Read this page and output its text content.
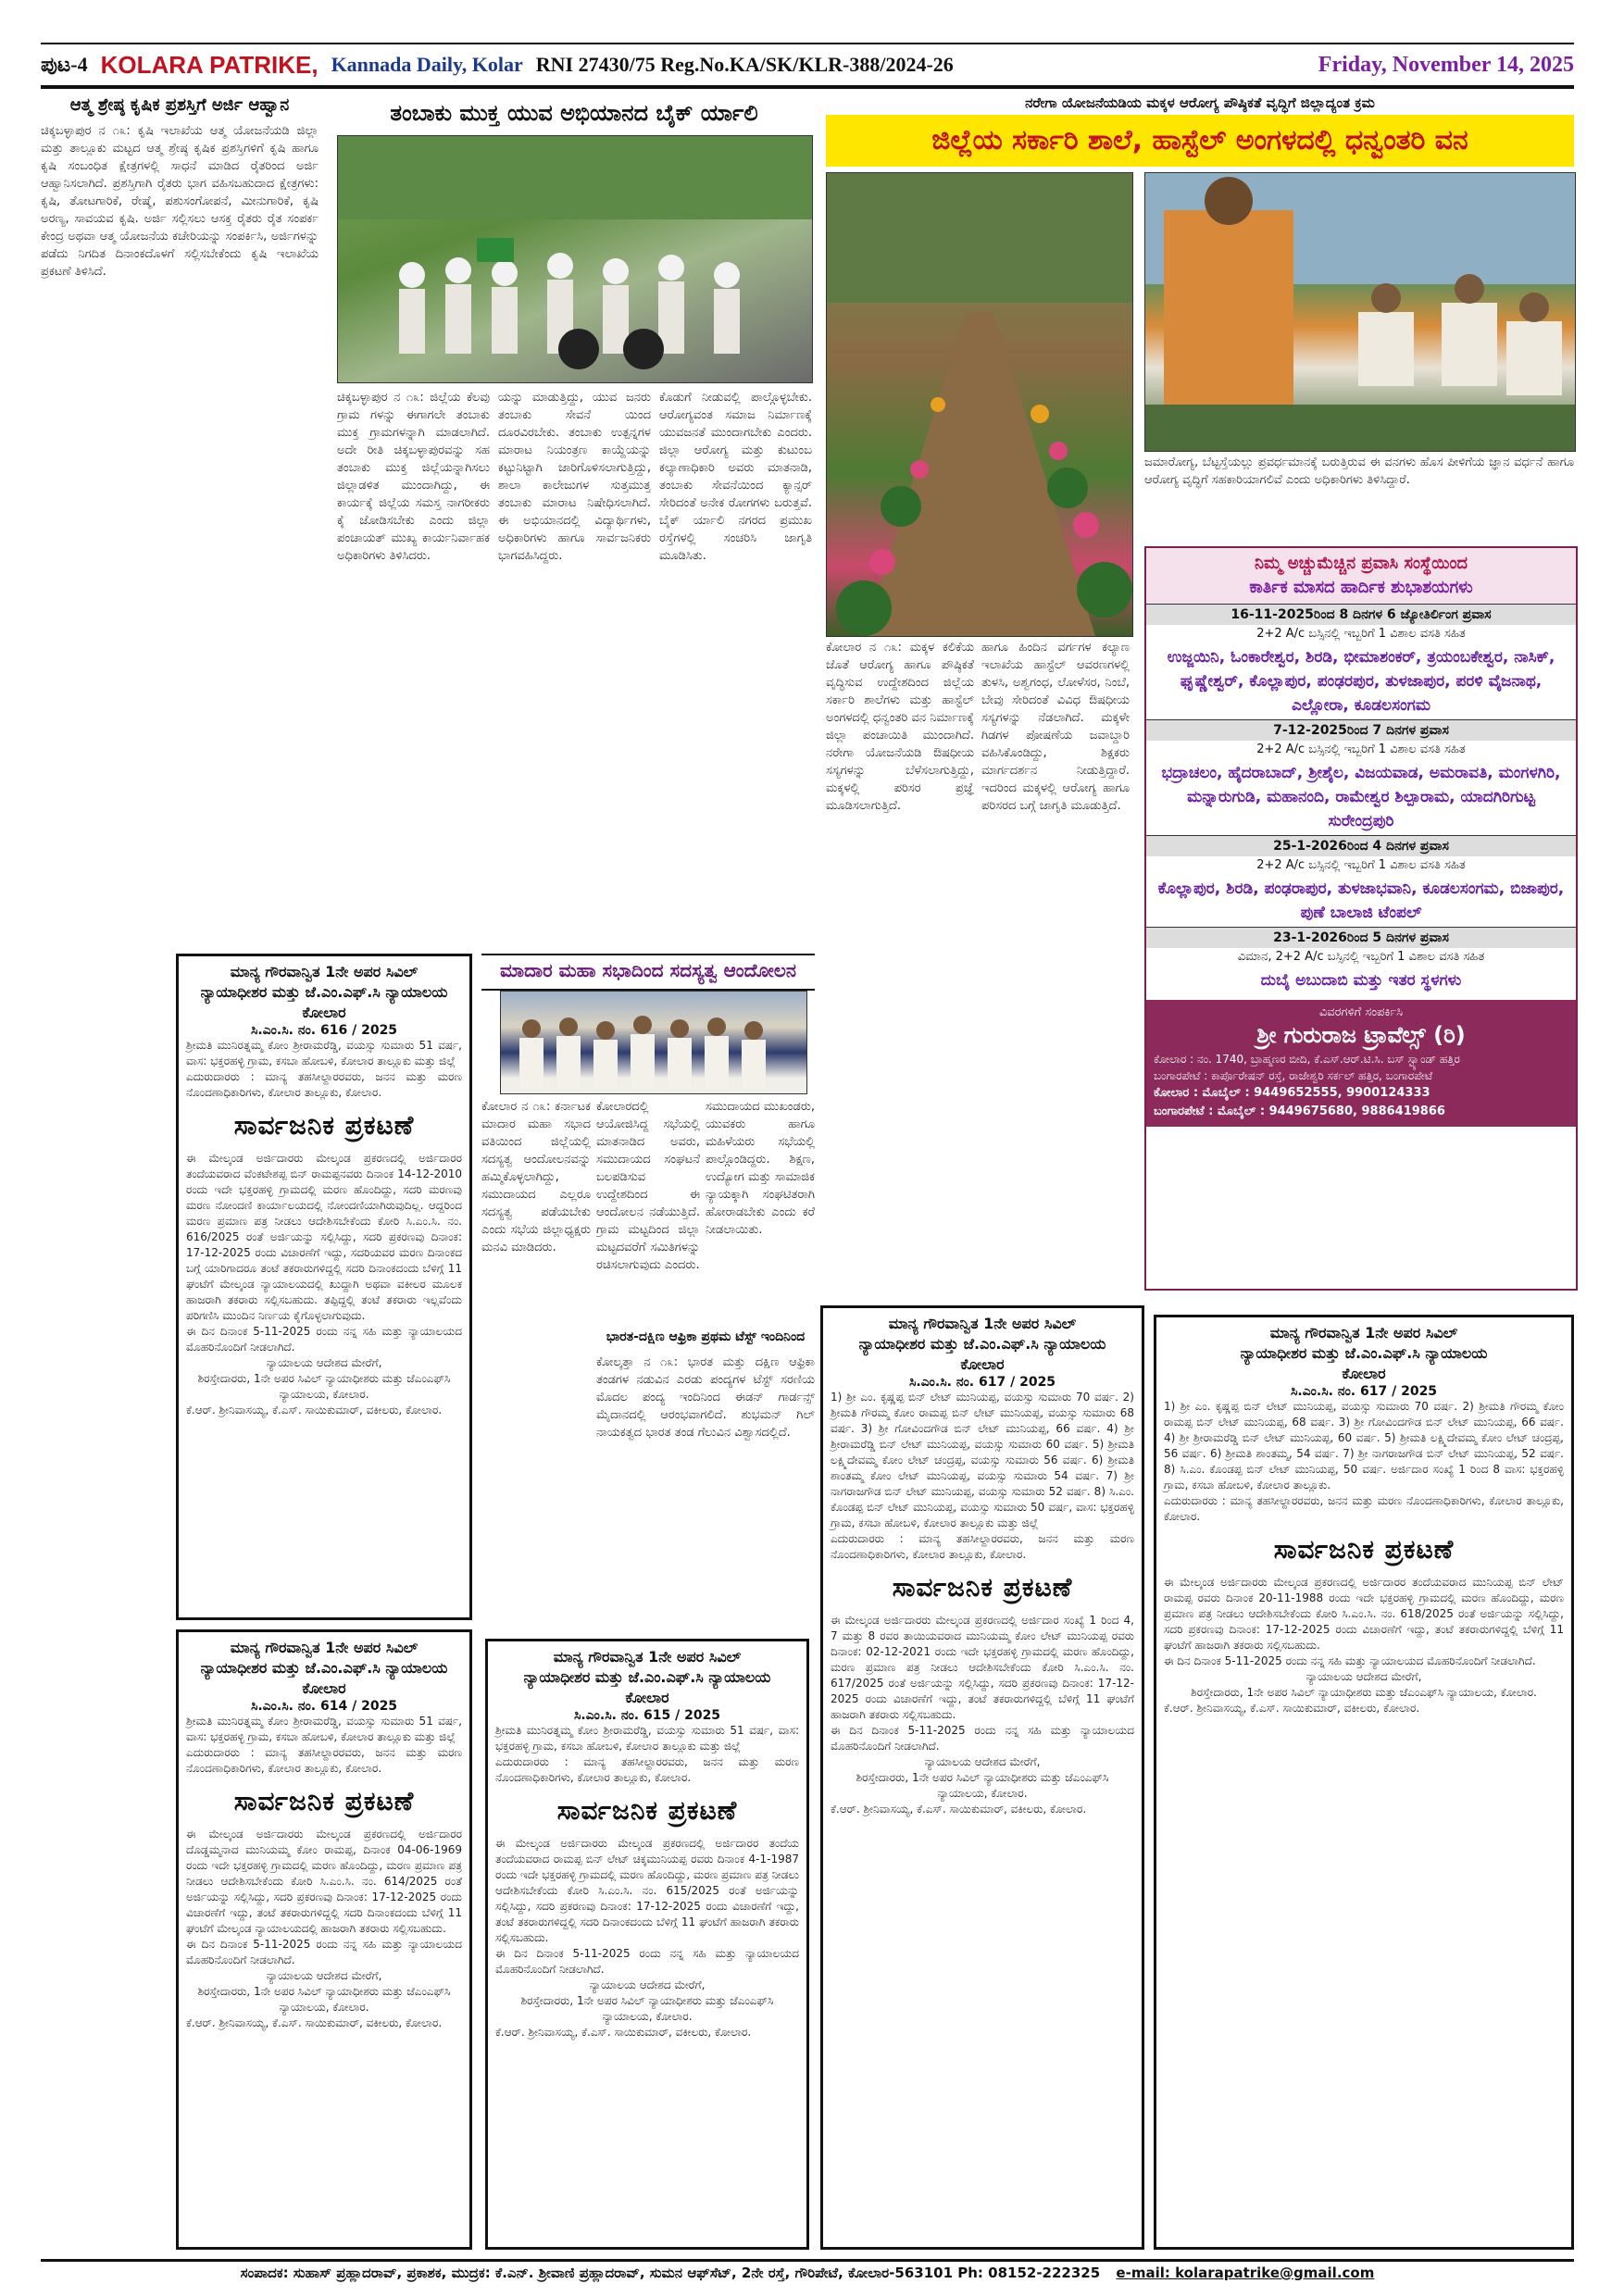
ಪುಟ-4 KOLARA PATRIKE, Kannada Daily, Kolar RNI 27430/75 Reg.No.KA/SK/KLR-388/2024-26	Friday, November 14, 2025
ಆತ್ಮ ಶ್ರೇಷ್ಠ ಕೃಷಿಕ ಪ್ರಶಸ್ತಿಗೆ ಅರ್ಜಿ ಆಹ್ವಾನ
ಚಿಕ್ಕಬಳ್ಳಾಪುರ ನ ೧೩: ಕೃಷಿ ಇಲಾಖೆಯ ಆತ್ಮ ಯೋಜನೆಯಡಿ ಜಿಲ್ಲಾ ಮತ್ತು ತಾಲ್ಲೂಕು ಮಟ್ಟದ ಆತ್ಮ ಶ್ರೇಷ್ಠ ಕೃಷಿಕ ಪ್ರಶಸ್ತಿಗಳಿಗೆ ಕೃಷಿ ಹಾಗೂ ಕೃಷಿ ಸಂಬಂಧಿತ ಕ್ಷೇತ್ರಗಳಲ್ಲಿ ಸಾಧನೆ ಮಾಡಿದ ರೈತರಿಂದ ಅರ್ಜಿ ಆಹ್ವಾನಿಸಲಾಗಿದೆ. ಪ್ರಶಸ್ತಿಗಾಗಿ ರೈತರು ಭಾಗ ವಹಿಸಬಹುದಾದ ಕ್ಷೇತ್ರಗಳು: ಕೃಷಿ, ತೋಟಗಾರಿಕೆ, ರೇಷ್ಮೆ, ಪಶುಸಂಗೋಪನೆ, ಮೀನುಗಾರಿಕೆ, ಕೃಷಿ ಅರಣ್ಯ, ಸಾವಯವ ಕೃಷಿ. ಅರ್ಜಿ ಸಲ್ಲಿಸಲು ಆಸಕ್ತ ರೈತರು ರೈತ ಸಂಪರ್ಕ ಕೇಂದ್ರ ಅಥವಾ ಆತ್ಮ ಯೋಜನೆಯ ಕಚೇರಿಯನ್ನು ಸಂಪರ್ಕಿಸಿ, ಅರ್ಜಿಗಳನ್ನು ಪಡೆದು ನಿಗದಿತ ದಿನಾಂಕದೊಳಗೆ ಸಲ್ಲಿಸಬೇಕೆಂದು ಕೃಷಿ ಇಲಾಖೆಯ ಪ್ರಕಟಣೆ ತಿಳಿಸಿದೆ.
ತಂಬಾಕು ಮುಕ್ತ ಯುವ ಅಭಿಯಾನದ ಬೈಕ್ ರ್ಯಾಲಿ
ಚಿಕ್ಕಬಳ್ಳಾಪುರ ನ ೧೩: ಜಿಲ್ಲೆಯ ಕೆಲವು ಗ್ರಾಮ ಗಳನ್ನು ಈಗಾಗಲೇ ತಂಬಾಕು ಮುಕ್ತ ಗ್ರಾಮಗಳನ್ನಾಗಿ ಮಾಡಲಾಗಿದೆ. ಅದೇ ರೀತಿ ಚಿಕ್ಕಬಳ್ಳಾಪುರವನ್ನು ಸಹ ತಂಬಾಕು ಮುಕ್ತ ಜಿಲ್ಲೆಯನ್ನಾಗಿಸಲು ಜಿಲ್ಲಾಡಳಿತ ಮುಂದಾಗಿದ್ದು, ಈ ಕಾರ್ಯಕ್ಕೆ ಜಿಲ್ಲೆಯ ಸಮಸ್ತ ನಾಗರೀಕರು ಕೈ ಜೋಡಿಸಬೇಕು ಎಂದು ಜಿಲ್ಲಾ ಪಂಚಾಯತ್ ಮುಖ್ಯ ಕಾರ್ಯನಿರ್ವಾಹಕ ಅಧಿಕಾರಿಗಳು ತಿಳಿಸಿದರು.
ಯನ್ನು ಮಾಡುತ್ತಿದ್ದು, ಯುವ ಜನರು ತಂಬಾಕು ಸೇವನೆ ಯಿಂದ ದೂರವಿರಬೇಕು. ತಂಬಾಕು ಉತ್ಪನ್ನಗಳ ಮಾರಾಟ ನಿಯಂತ್ರಣ ಕಾಯ್ದೆಯನ್ನು ಕಟ್ಟುನಿಟ್ಟಾಗಿ ಜಾರಿಗೊಳಿಸಲಾಗುತ್ತಿದ್ದು, ಶಾಲಾ ಕಾಲೇಜುಗಳ ಸುತ್ತಮುತ್ತ ತಂಬಾಕು ಮಾರಾಟ ನಿಷೇಧಿಸಲಾಗಿದೆ. ಈ ಅಭಿಯಾನದಲ್ಲಿ ವಿದ್ಯಾರ್ಥಿಗಳು, ಅಧಿಕಾರಿಗಳು ಹಾಗೂ ಸಾರ್ವಜನಿಕರು ಭಾಗವಹಿಸಿದ್ದರು.
ಕೊಡುಗೆ ನೀಡುವಲ್ಲಿ ಪಾಲ್ಗೊಳ್ಳಬೇಕು. ಆರೋಗ್ಯವಂತ ಸಮಾಜ ನಿರ್ಮಾಣಕ್ಕೆ ಯುವಜನತೆ ಮುಂದಾಗಬೇಕು ಎಂದರು. ಜಿಲ್ಲಾ ಆರೋಗ್ಯ ಮತ್ತು ಕುಟುಂಬ ಕಲ್ಯಾಣಾಧಿಕಾರಿ ಅವರು ಮಾತನಾಡಿ, ತಂಬಾಕು ಸೇವನೆಯಿಂದ ಕ್ಯಾನ್ಸರ್ ಸೇರಿದಂತೆ ಅನೇಕ ರೋಗಗಳು ಬರುತ್ತವೆ. ಬೈಕ್ ರ್ಯಾಲಿ ನಗರದ ಪ್ರಮುಖ ರಸ್ತೆಗಳಲ್ಲಿ ಸಂಚರಿಸಿ ಜಾಗೃತಿ ಮೂಡಿಸಿತು.
ಮಾದಾರ ಮಹಾ ಸಭಾದಿಂದ ಸದಸ್ಯತ್ವ ಆಂದೋಲನ
ಕೋಲಾರ ನ ೧೩: ಕರ್ನಾಟಕ ಮಾದಾರ ಮಹಾ ಸಭಾದ ವತಿಯಿಂದ ಜಿಲ್ಲೆಯಲ್ಲಿ ಸದಸ್ಯತ್ವ ಆಂದೋಲನವನ್ನು ಹಮ್ಮಿಕೊಳ್ಳಲಾಗಿದ್ದು, ಸಮುದಾಯದ ಎಲ್ಲರೂ ಸದಸ್ಯತ್ವ ಪಡೆಯಬೇಕು ಎಂದು ಸಭೆಯ ಜಿಲ್ಲಾಧ್ಯಕ್ಷರು ಮನವಿ ಮಾಡಿದರು.
ಕೋಲಾರದಲ್ಲಿ ಆಯೋಜಿಸಿದ್ದ ಸಭೆಯಲ್ಲಿ ಮಾತನಾಡಿದ ಅವರು, ಸಮುದಾಯದ ಸಂಘಟನೆ ಬಲಪಡಿಸುವ ಉದ್ದೇಶದಿಂದ ಈ ಆಂದೋಲನ ನಡೆಯುತ್ತಿದೆ. ಗ್ರಾಮ ಮಟ್ಟದಿಂದ ಜಿಲ್ಲಾ ಮಟ್ಟದವರೆಗೆ ಸಮಿತಿಗಳನ್ನು ರಚಿಸಲಾಗುವುದು ಎಂದರು.
ಸಮುದಾಯದ ಮುಖಂಡರು, ಯುವಕರು ಹಾಗೂ ಮಹಿಳೆಯರು ಸಭೆಯಲ್ಲಿ ಪಾಲ್ಗೊಂಡಿದ್ದರು. ಶಿಕ್ಷಣ, ಉದ್ಯೋಗ ಮತ್ತು ಸಾಮಾಜಿಕ ನ್ಯಾಯಕ್ಕಾಗಿ ಸಂಘಟಿತರಾಗಿ ಹೋರಾಡಬೇಕು ಎಂದು ಕರೆ ನೀಡಲಾಯಿತು.
ಭಾರತ-ದಕ್ಷಿಣ ಆಫ್ರಿಕಾ ಪ್ರಥಮ ಟೆಸ್ಟ್ ಇಂದಿನಿಂದ
ಕೋಲ್ಕತ್ತಾ ನ ೧೩: ಭಾರತ ಮತ್ತು ದಕ್ಷಿಣ ಆಫ್ರಿಕಾ ತಂಡಗಳ ನಡುವಿನ ಎರಡು ಪಂದ್ಯಗಳ ಟೆಸ್ಟ್ ಸರಣಿಯ ಮೊದಲ ಪಂದ್ಯ ಇಂದಿನಿಂದ ಈಡನ್ ಗಾರ್ಡನ್ಸ್ ಮೈದಾನದಲ್ಲಿ ಆರಂಭವಾಗಲಿದೆ. ಶುಭಮನ್ ಗಿಲ್ ನಾಯಕತ್ವದ ಭಾರತ ತಂಡ ಗೆಲುವಿನ ವಿಶ್ವಾಸದಲ್ಲಿದೆ.
ನರೇಗಾ ಯೋಜನೆಯಡಿಯ ಮಕ್ಕಳ ಆರೋಗ್ಯ ಪೌಷ್ಠಿಕತೆ ವೃದ್ಧಿಗೆ ಜಿಲ್ಲಾದ್ಯಂತ ಕ್ರಮ
ಜಿಲ್ಲೆಯ ಸರ್ಕಾರಿ ಶಾಲೆ, ಹಾಸ್ಟೆಲ್ ಅಂಗಳದಲ್ಲಿ ಧನ್ವಂತರಿ ವನ
ಕೋಲಾರ ನ ೧೩: ಮಕ್ಕಳ ಕಲಿಕೆಯ ಜೊತೆ ಆರೋಗ್ಯ ಹಾಗೂ ಪೌಷ್ಠಿಕತೆ ವೃದ್ಧಿಸುವ ಉದ್ದೇಶದಿಂದ ಜಿಲ್ಲೆಯ ಸರ್ಕಾರಿ ಶಾಲೆಗಳು ಮತ್ತು ಹಾಸ್ಟೆಲ್ ಅಂಗಳದಲ್ಲಿ ಧನ್ವಂತರಿ ವನ ನಿರ್ಮಾಣಕ್ಕೆ ಜಿಲ್ಲಾ ಪಂಚಾಯಿತಿ ಮುಂದಾಗಿದೆ. ನರೇಗಾ ಯೋಜನೆಯಡಿ ಔಷಧೀಯ ಸಸ್ಯಗಳನ್ನು ಬೆಳೆಸಲಾಗುತ್ತಿದ್ದು, ಮಕ್ಕಳಲ್ಲಿ ಪರಿಸರ ಪ್ರಜ್ಞೆ ಮೂಡಿಸಲಾಗುತ್ತಿದೆ.
ಹಾಗೂ ಹಿಂದಿನ ವರ್ಗಗಳ ಕಲ್ಯಾಣ ಇಲಾಖೆಯ ಹಾಸ್ಟೆಲ್ ಆವರಣಗಳಲ್ಲಿ ತುಳಸಿ, ಅಶ್ವಗಂಧ, ಲೋಳೆಸರ, ನಿಂಬೆ, ಬೇವು ಸೇರಿದಂತೆ ವಿವಿಧ ಔಷಧೀಯ ಸಸ್ಯಗಳನ್ನು ನೆಡಲಾಗಿದೆ. ಮಕ್ಕಳೇ ಗಿಡಗಳ ಪೋಷಣೆಯ ಜವಾಬ್ದಾರಿ ವಹಿಸಿಕೊಂಡಿದ್ದು, ಶಿಕ್ಷಕರು ಮಾರ್ಗದರ್ಶನ ನೀಡುತ್ತಿದ್ದಾರೆ. ಇದರಿಂದ ಮಕ್ಕಳಲ್ಲಿ ಆರೋಗ್ಯ ಹಾಗೂ ಪರಿಸರದ ಬಗ್ಗೆ ಜಾಗೃತಿ ಮೂಡುತ್ತಿದೆ.
ಜಮಾರೋಗ್ಯ, ಬೆಟ್ಟಸ್ತೆಯಲ್ಲು ಪ್ರವರ್ಧಮಾನಕ್ಕೆ ಬರುತ್ತಿರುವ ಈ ವನಗಳು ಹೊಸ ಪೀಳಿಗೆಯ ಜ್ಞಾನ ವರ್ಧನೆ ಹಾಗೂ ಆರೋಗ್ಯ ವೃದ್ಧಿಗೆ ಸಹಕಾರಿಯಾಗಲಿವೆ ಎಂದು ಅಧಿಕಾರಿಗಳು ತಿಳಿಸಿದ್ದಾರೆ.
ನಿಮ್ಮ ಅಚ್ಚುಮೆಚ್ಚಿನ ಪ್ರವಾಸಿ ಸಂಸ್ಥೆಯಿಂದ
ಕಾರ್ತಿಕ ಮಾಸದ ಹಾರ್ದಿಕ ಶುಭಾಶಯಗಳು
16-11-2025ರಿಂದ 8 ದಿನಗಳ 6 ಜ್ಯೋತಿರ್ಲಿಂಗ ಪ್ರವಾಸ
2+2 A/c ಬಸ್ಸಿನಲ್ಲಿ ಇಬ್ಬರಿಗೆ 1 ವಿಶಾಲ ವಸತಿ ಸಹಿತ
ಉಜ್ಜಯಿನಿ, ಓಂಕಾರೇಶ್ವರ, ಶಿರಡಿ, ಭೀಮಾಶಂಕರ್, ತ್ರಯಂಬಕೇಶ್ವರ, ನಾಸಿಕ್, ಘೃಷ್ಣೇಶ್ವರ್, ಕೊಲ್ಲಾಪುರ, ಪಂಢರಪುರ, ತುಳಜಾಪುರ, ಪರಳಿ ವೈಜನಾಥ, ಎಲ್ಲೋರಾ, ಕೂಡಲಸಂಗಮ
7-12-2025ರಿಂದ 7 ದಿನಗಳ ಪ್ರವಾಸ
2+2 A/c ಬಸ್ಸಿನಲ್ಲಿ ಇಬ್ಬರಿಗೆ 1 ವಿಶಾಲ ವಸತಿ ಸಹಿತ
ಭದ್ರಾಚಲಂ, ಹೈದರಾಬಾದ್, ಶ್ರೀಶೈಲ, ವಿಜಯವಾಡ, ಅಮರಾವತಿ, ಮಂಗಳಗಿರಿ, ಮನ್ನಾರುಗುಡಿ, ಮಹಾನಂದಿ, ರಾಮೇಶ್ವರ ಶಿಲ್ಪಾರಾಮ, ಯಾದಗಿರಿಗುಟ್ಟ ಸುರೇಂದ್ರಪುರಿ
25-1-2026ರಿಂದ 4 ದಿನಗಳ ಪ್ರವಾಸ
2+2 A/c ಬಸ್ಸಿನಲ್ಲಿ ಇಬ್ಬರಿಗೆ 1 ವಿಶಾಲ ವಸತಿ ಸಹಿತ
ಕೊಲ್ಲಾಪುರ, ಶಿರಡಿ, ಪಂಢರಾಪುರ, ತುಳಜಾಭವಾನಿ, ಕೂಡಲಸಂಗಮ, ಬಿಜಾಪುರ, ಪುಣೆ ಬಾಲಾಜಿ ಟೆಂಪಲ್
23-1-2026ರಿಂದ 5 ದಿನಗಳ ಪ್ರವಾಸ
ವಿಮಾನ, 2+2 A/c ಬಸ್ಸಿನಲ್ಲಿ ಇಬ್ಬರಿಗೆ 1 ವಿಶಾಲ ವಸತಿ ಸಹಿತ
ದುಬೈ ಅಬುದಾಬಿ ಮತ್ತು ಇತರ ಸ್ಥಳಗಳು
ವಿವರಗಳಿಗೆ ಸಂಪರ್ಕಿಸಿ
ಶ್ರೀ ಗುರುರಾಜ ಟ್ರಾವೆಲ್ಸ್ (ರಿ)
ಕೋಲಾರ : ನಂ. 1740, ಬ್ರಾಹ್ಮಣರ ಬೀದಿ, ಕೆ.ಎಸ್.ಆರ್.ಟಿ.ಸಿ. ಬಸ್ ಸ್ಟ್ಯಾಂಡ್ ಹತ್ತಿರ
ಬಂಗಾರಪೇಟೆ : ಕಾರ್ಪೊರೇಷನ್ ರಸ್ತೆ, ರಾಜೇಶ್ವರಿ ಸರ್ಕಲ್ ಹತ್ತಿರ, ಬಂಗಾರಪೇಟೆ
ಕೋಲಾರ : ಮೊಬೈಲ್ : 9449652555, 9900124333
ಬಂಗಾರಪೇಟೆ : ಮೊಬೈಲ್ : 9449675680, 9886419866
ಮಾನ್ಯ ಗೌರವಾನ್ವಿತ 1ನೇ ಅಪರ ಸಿವಿಲ್
ನ್ಯಾಯಾಧೀಶರ ಮತ್ತು ಜೆ.ಎಂ.ಎಫ್.ಸಿ ನ್ಯಾಯಾಲಯ
ಕೋಲಾರ
ಸಿ.ಎಂ.ಸಿ. ನಂ. 616 / 2025
ಶ್ರೀಮತಿ ಮುನಿರತ್ನಮ್ಮ ಕೋಂ ಶ್ರೀರಾಮರೆಡ್ಡಿ, ವಯಸ್ಸು ಸುಮಾರು 51 ವರ್ಷ, ವಾಸ: ಭಕ್ತರಹಳ್ಳಿ ಗ್ರಾಮ, ಕಸಬಾ ಹೋಬಳಿ, ಕೋಲಾರ ತಾಲ್ಲೂಕು ಮತ್ತು ಜಿಲ್ಲೆ
ಎದುರುದಾರರು : ಮಾನ್ಯ ತಹಸೀಲ್ದಾರರವರು, ಜನನ ಮತ್ತು ಮರಣ ನೊಂದಣಾಧಿಕಾರಿಗಳು, ಕೋಲಾರ ತಾಲ್ಲೂಕು, ಕೋಲಾರ.
ಸಾರ್ವಜನಿಕ ಪ್ರಕಟಣೆ
ಈ ಮೇಲ್ಕಂಡ ಅರ್ಜಿದಾರರು ಮೇಲ್ಕಂಡ ಪ್ರಕರಣದಲ್ಲಿ ಅರ್ಜಿದಾರರ ತಂದೆಯವರಾದ ವೆಂಕಟೇಶಪ್ಪ ಬಿನ್ ರಾಮಪ್ಪನವರು ದಿನಾಂಕ 14-12-2010 ರಂದು ಇದೇ ಭಕ್ತರಹಳ್ಳಿ ಗ್ರಾಮದಲ್ಲಿ ಮರಣ ಹೊಂದಿದ್ದು, ಸದರಿ ಮರಣವು ಮರಣ ನೋಂದಣಿ ಕಾರ್ಯಾಲಯದಲ್ಲಿ ನೋಂದಣಿಯಾಗಿರುವುದಿಲ್ಲ. ಆದ್ದರಿಂದ ಮರಣ ಪ್ರಮಾಣ ಪತ್ರ ನೀಡಲು ಆದೇಶಿಸಬೇಕೆಂದು ಕೋರಿ ಸಿ.ಎಂ.ಸಿ. ನಂ. 616/2025 ರಂತೆ ಅರ್ಜಿಯನ್ನು ಸಲ್ಲಿಸಿದ್ದು, ಸದರಿ ಪ್ರಕರಣವು ದಿನಾಂಕ: 17-12-2025 ರಂದು ವಿಚಾರಣೆಗೆ ಇದ್ದು, ಸದರಿಯವರ ಮರಣ ದಿನಾಂಕದ ಬಗ್ಗೆ ಯಾರಿಗಾದರೂ ತಂಟೆ ತಕರಾರುಗಳಿದ್ದಲ್ಲಿ ಸದರಿ ದಿನಾಂಕದಂದು ಬೆಳಿಗ್ಗೆ 11 ಘಂಟೆಗೆ ಮೇಲ್ಕಂಡ ನ್ಯಾಯಾಲಯದಲ್ಲಿ ಖುದ್ದಾಗಿ ಅಥವಾ ವಕೀಲರ ಮೂಲಕ ಹಾಜರಾಗಿ ತಕರಾರು ಸಲ್ಲಿಸಬಹುದು. ತಪ್ಪಿದ್ದಲ್ಲಿ ತಂಟೆ ತಕರಾರು ಇಲ್ಲವೆಂದು ಪರಿಗಣಿಸಿ ಮುಂದಿನ ನಿರ್ಣಯ ಕೈಗೊಳ್ಳಲಾಗುವುದು.
ಈ ದಿನ ದಿನಾಂಕ 5-11-2025 ರಂದು ನನ್ನ ಸಹಿ ಮತ್ತು ನ್ಯಾಯಾಲಯದ ಮೊಹರಿನೊಂದಿಗೆ ನೀಡಲಾಗಿದೆ.
ನ್ಯಾಯಾಲಯ ಆದೇಶದ ಮೇರೆಗೆ,
ಶಿರಸ್ತೇದಾರರು, 1ನೇ ಅಪರ ಸಿವಿಲ್ ನ್ಯಾಯಾಧೀಶರು ಮತ್ತು ಜೆಎಂಎಫ್‌ಸಿ ನ್ಯಾಯಾಲಯ, ಕೋಲಾರ.
ಕೆ.ಆರ್. ಶ್ರೀನಿವಾಸಯ್ಯ, ಕೆ.ಎಸ್. ಸಾಯಿಕುಮಾರ್, ವಕೀಲರು, ಕೋಲಾರ.
ಮಾನ್ಯ ಗೌರವಾನ್ವಿತ 1ನೇ ಅಪರ ಸಿವಿಲ್
ನ್ಯಾಯಾಧೀಶರ ಮತ್ತು ಜೆ.ಎಂ.ಎಫ್.ಸಿ ನ್ಯಾಯಾಲಯ
ಕೋಲಾರ
ಸಿ.ಎಂ.ಸಿ. ನಂ. 614 / 2025
ಶ್ರೀಮತಿ ಮುನಿರತ್ನಮ್ಮ ಕೋಂ ಶ್ರೀರಾಮರೆಡ್ಡಿ, ವಯಸ್ಸು ಸುಮಾರು 51 ವರ್ಷ, ವಾಸ: ಭಕ್ತರಹಳ್ಳಿ ಗ್ರಾಮ, ಕಸಬಾ ಹೋಬಳಿ, ಕೋಲಾರ ತಾಲ್ಲೂಕು ಮತ್ತು ಜಿಲ್ಲೆ
ಎದುರುದಾರರು : ಮಾನ್ಯ ತಹಸೀಲ್ದಾರರವರು, ಜನನ ಮತ್ತು ಮರಣ ನೊಂದಣಾಧಿಕಾರಿಗಳು, ಕೋಲಾರ ತಾಲ್ಲೂಕು, ಕೋಲಾರ.
ಸಾರ್ವಜನಿಕ ಪ್ರಕಟಣೆ
ಈ ಮೇಲ್ಕಂಡ ಅರ್ಜಿದಾರರು ಮೇಲ್ಕಂಡ ಪ್ರಕರಣದಲ್ಲಿ ಅರ್ಜಿದಾರರ ದೊಡ್ಡಮ್ಮನಾದ ಮುನಿಯಮ್ಮ ಕೋಂ ರಾಮಪ್ಪ, ದಿನಾಂಕ 04-06-1969 ರಂದು ಇದೇ ಭಕ್ತರಹಳ್ಳಿ ಗ್ರಾಮದಲ್ಲಿ ಮರಣ ಹೊಂದಿದ್ದು, ಮರಣ ಪ್ರಮಾಣ ಪತ್ರ ನೀಡಲು ಆದೇಶಿಸಬೇಕೆಂದು ಕೋರಿ ಸಿ.ಎಂ.ಸಿ. ನಂ. 614/2025 ರಂತೆ ಅರ್ಜಿಯನ್ನು ಸಲ್ಲಿಸಿದ್ದು, ಸದರಿ ಪ್ರಕರಣವು ದಿನಾಂಕ: 17-12-2025 ರಂದು ವಿಚಾರಣೆಗೆ ಇದ್ದು, ತಂಟೆ ತಕರಾರುಗಳಿದ್ದಲ್ಲಿ ಸದರಿ ದಿನಾಂಕದಂದು ಬೆಳಿಗ್ಗೆ 11 ಘಂಟೆಗೆ ಮೇಲ್ಕಂಡ ನ್ಯಾಯಾಲಯದಲ್ಲಿ ಹಾಜರಾಗಿ ತಕರಾರು ಸಲ್ಲಿಸಬಹುದು.
ಈ ದಿನ ದಿನಾಂಕ 5-11-2025 ರಂದು ನನ್ನ ಸಹಿ ಮತ್ತು ನ್ಯಾಯಾಲಯದ ಮೊಹರಿನೊಂದಿಗೆ ನೀಡಲಾಗಿದೆ.
ನ್ಯಾಯಾಲಯ ಆದೇಶದ ಮೇರೆಗೆ,
ಶಿರಸ್ತೇದಾರರು, 1ನೇ ಅಪರ ಸಿವಿಲ್ ನ್ಯಾಯಾಧೀಶರು ಮತ್ತು ಜೆಎಂಎಫ್‌ಸಿ ನ್ಯಾಯಾಲಯ, ಕೋಲಾರ.
ಕೆ.ಆರ್. ಶ್ರೀನಿವಾಸಯ್ಯ, ಕೆ.ಎಸ್. ಸಾಯಿಕುಮಾರ್, ವಕೀಲರು, ಕೋಲಾರ.
ಮಾನ್ಯ ಗೌರವಾನ್ವಿತ 1ನೇ ಅಪರ ಸಿವಿಲ್
ನ್ಯಾಯಾಧೀಶರ ಮತ್ತು ಜೆ.ಎಂ.ಎಫ್.ಸಿ ನ್ಯಾಯಾಲಯ
ಕೋಲಾರ
ಸಿ.ಎಂ.ಸಿ. ನಂ. 615 / 2025
ಶ್ರೀಮತಿ ಮುನಿರತ್ನಮ್ಮ ಕೋಂ ಶ್ರೀರಾಮರೆಡ್ಡಿ, ವಯಸ್ಸು ಸುಮಾರು 51 ವರ್ಷ, ವಾಸ: ಭಕ್ತರಹಳ್ಳಿ ಗ್ರಾಮ, ಕಸಬಾ ಹೋಬಳಿ, ಕೋಲಾರ ತಾಲ್ಲೂಕು ಮತ್ತು ಜಿಲ್ಲೆ
ಎದುರುದಾರರು : ಮಾನ್ಯ ತಹಸೀಲ್ದಾರರವರು, ಜನನ ಮತ್ತು ಮರಣ ನೊಂದಣಾಧಿಕಾರಿಗಳು, ಕೋಲಾರ ತಾಲ್ಲೂಕು, ಕೋಲಾರ.
ಸಾರ್ವಜನಿಕ ಪ್ರಕಟಣೆ
ಈ ಮೇಲ್ಕಂಡ ಅರ್ಜಿದಾರರು ಮೇಲ್ಕಂಡ ಪ್ರಕರಣದಲ್ಲಿ ಅರ್ಜಿದಾರರ ತಂದೆಯ ತಂದೆಯವರಾದ ರಾಮಪ್ಪ ಬಿನ್ ಲೇಟ್ ಚಿಕ್ಕಮುನಿಯಪ್ಪ ರವರು ದಿನಾಂಕ 4-1-1987 ರಂದು ಇದೇ ಭಕ್ತರಹಳ್ಳಿ ಗ್ರಾಮದಲ್ಲಿ ಮರಣ ಹೊಂದಿದ್ದು, ಮರಣ ಪ್ರಮಾಣ ಪತ್ರ ನೀಡಲು ಆದೇಶಿಸಬೇಕೆಂದು ಕೋರಿ ಸಿ.ಎಂ.ಸಿ. ನಂ. 615/2025 ರಂತೆ ಅರ್ಜಿಯನ್ನು ಸಲ್ಲಿಸಿದ್ದು, ಸದರಿ ಪ್ರಕರಣವು ದಿನಾಂಕ: 17-12-2025 ರಂದು ವಿಚಾರಣೆಗೆ ಇದ್ದು, ತಂಟೆ ತಕರಾರುಗಳಿದ್ದಲ್ಲಿ ಸದರಿ ದಿನಾಂಕದಂದು ಬೆಳಿಗ್ಗೆ 11 ಘಂಟೆಗೆ ಹಾಜರಾಗಿ ತಕರಾರು ಸಲ್ಲಿಸಬಹುದು.
ಈ ದಿನ ದಿನಾಂಕ 5-11-2025 ರಂದು ನನ್ನ ಸಹಿ ಮತ್ತು ನ್ಯಾಯಾಲಯದ ಮೊಹರಿನೊಂದಿಗೆ ನೀಡಲಾಗಿದೆ.
ನ್ಯಾಯಾಲಯ ಆದೇಶದ ಮೇರೆಗೆ,
ಶಿರಸ್ತೇದಾರರು, 1ನೇ ಅಪರ ಸಿವಿಲ್ ನ್ಯಾಯಾಧೀಶರು ಮತ್ತು ಜೆಎಂಎಫ್‌ಸಿ ನ್ಯಾಯಾಲಯ, ಕೋಲಾರ.
ಕೆ.ಆರ್. ಶ್ರೀನಿವಾಸಯ್ಯ, ಕೆ.ಎಸ್. ಸಾಯಿಕುಮಾರ್, ವಕೀಲರು, ಕೋಲಾರ.
ಮಾನ್ಯ ಗೌರವಾನ್ವಿತ 1ನೇ ಅಪರ ಸಿವಿಲ್
ನ್ಯಾಯಾಧೀಶರ ಮತ್ತು ಜೆ.ಎಂ.ಎಫ್.ಸಿ ನ್ಯಾಯಾಲಯ
ಕೋಲಾರ
ಸಿ.ಎಂ.ಸಿ. ನಂ. 617 / 2025
1) ಶ್ರೀ ಎಂ. ಕೃಷ್ಣಪ್ಪ ಬಿನ್ ಲೇಟ್ ಮುನಿಯಪ್ಪ, ವಯಸ್ಸು ಸುಮಾರು 70 ವರ್ಷ. 2) ಶ್ರೀಮತಿ ಗೌರಮ್ಮ ಕೋಂ ರಾಮಪ್ಪ ಬಿನ್ ಲೇಟ್ ಮುನಿಯಪ್ಪ, ವಯಸ್ಸು ಸುಮಾರು 68 ವರ್ಷ. 3) ಶ್ರೀ ಗೋವಿಂದಗೌಡ ಬಿನ್ ಲೇಟ್ ಮುನಿಯಪ್ಪ, 66 ವರ್ಷ. 4) ಶ್ರೀ ಶ್ರೀರಾಮರೆಡ್ಡಿ ಬಿನ್ ಲೇಟ್ ಮುನಿಯಪ್ಪ, ವಯಸ್ಸು ಸುಮಾರು 60 ವರ್ಷ. 5) ಶ್ರೀಮತಿ ಲಕ್ಷ್ಮಿದೇವಮ್ಮ ಕೋಂ ಲೇಟ್ ಚಂದ್ರಪ್ಪ, ವಯಸ್ಸು ಸುಮಾರು 56 ವರ್ಷ. 6) ಶ್ರೀಮತಿ ಶಾಂತಮ್ಮ ಕೋಂ ಲೇಟ್ ಮುನಿಯಪ್ಪ, ವಯಸ್ಸು ಸುಮಾರು 54 ವರ್ಷ. 7) ಶ್ರೀ ನಾಗರಾಜಗೌಡ ಬಿನ್ ಲೇಟ್ ಮುನಿಯಪ್ಪ, ವಯಸ್ಸು ಸುಮಾರು 52 ವರ್ಷ. 8) ಸಿ.ಎಂ. ಕೊಂಡಪ್ಪ ಬಿನ್ ಲೇಟ್ ಮುನಿಯಪ್ಪ, ವಯಸ್ಸು ಸುಮಾರು 50 ವರ್ಷ, ವಾಸ: ಭಕ್ತರಹಳ್ಳಿ ಗ್ರಾಮ, ಕಸಬಾ ಹೋಬಳಿ, ಕೋಲಾರ ತಾಲ್ಲೂಕು ಮತ್ತು ಜಿಲ್ಲೆ
ಎದುರುದಾರರು : ಮಾನ್ಯ ತಹಸೀಲ್ದಾರರವರು, ಜನನ ಮತ್ತು ಮರಣ ನೊಂದಣಾಧಿಕಾರಿಗಳು, ಕೋಲಾರ ತಾಲ್ಲೂಕು, ಕೋಲಾರ.
ಸಾರ್ವಜನಿಕ ಪ್ರಕಟಣೆ
ಈ ಮೇಲ್ಕಂಡ ಅರ್ಜಿದಾರರು ಮೇಲ್ಕಂಡ ಪ್ರಕರಣದಲ್ಲಿ ಅರ್ಜಿದಾರ ಸಂಖ್ಯೆ 1 ರಿಂದ 4, 7 ಮತ್ತು 8 ರವರ ತಾಯಿಯವರಾದ ಮುನಿಯಮ್ಮ ಕೋಂ ಲೇಟ್ ಮುನಿಯಪ್ಪ ರವರು ದಿನಾಂಕ: 02-12-2021 ರಂದು ಇದೇ ಭಕ್ತರಹಳ್ಳಿ ಗ್ರಾಮದಲ್ಲಿ ಮರಣ ಹೊಂದಿದ್ದು, ಮರಣ ಪ್ರಮಾಣ ಪತ್ರ ನೀಡಲು ಆದೇಶಿಸಬೇಕೆಂದು ಕೋರಿ ಸಿ.ಎಂ.ಸಿ. ನಂ. 617/2025 ರಂತೆ ಅರ್ಜಿಯನ್ನು ಸಲ್ಲಿಸಿದ್ದು, ಸದರಿ ಪ್ರಕರಣವು ದಿನಾಂಕ: 17-12-2025 ರಂದು ವಿಚಾರಣೆಗೆ ಇದ್ದು, ತಂಟೆ ತಕರಾರುಗಳಿದ್ದಲ್ಲಿ ಬೆಳಿಗ್ಗೆ 11 ಘಂಟೆಗೆ ಹಾಜರಾಗಿ ತಕರಾರು ಸಲ್ಲಿಸಬಹುದು.
ಈ ದಿನ ದಿನಾಂಕ 5-11-2025 ರಂದು ನನ್ನ ಸಹಿ ಮತ್ತು ನ್ಯಾಯಾಲಯದ ಮೊಹರಿನೊಂದಿಗೆ ನೀಡಲಾಗಿದೆ.
ನ್ಯಾಯಾಲಯ ಆದೇಶದ ಮೇರೆಗೆ,
ಶಿರಸ್ತೇದಾರರು, 1ನೇ ಅಪರ ಸಿವಿಲ್ ನ್ಯಾಯಾಧೀಶರು ಮತ್ತು ಜೆಎಂಎಫ್‌ಸಿ ನ್ಯಾಯಾಲಯ, ಕೋಲಾರ.
ಕೆ.ಆರ್. ಶ್ರೀನಿವಾಸಯ್ಯ, ಕೆ.ಎಸ್. ಸಾಯಿಕುಮಾರ್, ವಕೀಲರು, ಕೋಲಾರ.
ಮಾನ್ಯ ಗೌರವಾನ್ವಿತ 1ನೇ ಅಪರ ಸಿವಿಲ್
ನ್ಯಾಯಾಧೀಶರ ಮತ್ತು ಜೆ.ಎಂ.ಎಫ್.ಸಿ ನ್ಯಾಯಾಲಯ
ಕೋಲಾರ
ಸಿ.ಎಂ.ಸಿ. ನಂ. 617 / 2025
1) ಶ್ರೀ ಎಂ. ಕೃಷ್ಣಪ್ಪ ಬಿನ್ ಲೇಟ್ ಮುನಿಯಪ್ಪ, ವಯಸ್ಸು ಸುಮಾರು 70 ವರ್ಷ. 2) ಶ್ರೀಮತಿ ಗೌರಮ್ಮ ಕೋಂ ರಾಮಪ್ಪ ಬಿನ್ ಲೇಟ್ ಮುನಿಯಪ್ಪ, 68 ವರ್ಷ. 3) ಶ್ರೀ ಗೋವಿಂದಗೌಡ ಬಿನ್ ಲೇಟ್ ಮುನಿಯಪ್ಪ, 66 ವರ್ಷ. 4) ಶ್ರೀ ಶ್ರೀರಾಮರೆಡ್ಡಿ ಬಿನ್ ಲೇಟ್ ಮುನಿಯಪ್ಪ, 60 ವರ್ಷ. 5) ಶ್ರೀಮತಿ ಲಕ್ಷ್ಮಿದೇವಮ್ಮ ಕೋಂ ಲೇಟ್ ಚಂದ್ರಪ್ಪ, 56 ವರ್ಷ. 6) ಶ್ರೀಮತಿ ಶಾಂತಮ್ಮ, 54 ವರ್ಷ. 7) ಶ್ರೀ ನಾಗರಾಜಗೌಡ ಬಿನ್ ಲೇಟ್ ಮುನಿಯಪ್ಪ, 52 ವರ್ಷ. 8) ಸಿ.ಎಂ. ಕೊಂಡಪ್ಪ ಬಿನ್ ಲೇಟ್ ಮುನಿಯಪ್ಪ, 50 ವರ್ಷ. ಅರ್ಜಿದಾರ ಸಂಖ್ಯೆ 1 ರಿಂದ 8 ವಾಸ: ಭಕ್ತರಹಳ್ಳಿ ಗ್ರಾಮ, ಕಸಬಾ ಹೋಬಳಿ, ಕೋಲಾರ ತಾಲ್ಲೂಕು.
ಎದುರುದಾರರು : ಮಾನ್ಯ ತಹಸೀಲ್ದಾರರವರು, ಜನನ ಮತ್ತು ಮರಣ ನೊಂದಣಾಧಿಕಾರಿಗಳು, ಕೋಲಾರ ತಾಲ್ಲೂಕು, ಕೋಲಾರ.
ಸಾರ್ವಜನಿಕ ಪ್ರಕಟಣೆ
ಈ ಮೇಲ್ಕಂಡ ಅರ್ಜಿದಾರರು ಮೇಲ್ಕಂಡ ಪ್ರಕರಣದಲ್ಲಿ ಅರ್ಜಿದಾರರ ತಂದೆಯವರಾದ ಮುನಿಯಪ್ಪ ಬಿನ್ ಲೇಟ್ ರಾಮಪ್ಪ ರವರು ದಿನಾಂಕ 20-11-1988 ರಂದು ಇದೇ ಭಕ್ತರಹಳ್ಳಿ ಗ್ರಾಮದಲ್ಲಿ ಮರಣ ಹೊಂದಿದ್ದು, ಮರಣ ಪ್ರಮಾಣ ಪತ್ರ ನೀಡಲು ಆದೇಶಿಸಬೇಕೆಂದು ಕೋರಿ ಸಿ.ಎಂ.ಸಿ. ನಂ. 618/2025 ರಂತೆ ಅರ್ಜಿಯನ್ನು ಸಲ್ಲಿಸಿದ್ದು, ಸದರಿ ಪ್ರಕರಣವು ದಿನಾಂಕ: 17-12-2025 ರಂದು ವಿಚಾರಣೆಗೆ ಇದ್ದು, ತಂಟೆ ತಕರಾರುಗಳಿದ್ದಲ್ಲಿ ಬೆಳಿಗ್ಗೆ 11 ಘಂಟೆಗೆ ಹಾಜರಾಗಿ ತಕರಾರು ಸಲ್ಲಿಸಬಹುದು.
ಈ ದಿನ ದಿನಾಂಕ 5-11-2025 ರಂದು ನನ್ನ ಸಹಿ ಮತ್ತು ನ್ಯಾಯಾಲಯದ ಮೊಹರಿನೊಂದಿಗೆ ನೀಡಲಾಗಿದೆ.
ನ್ಯಾಯಾಲಯ ಆದೇಶದ ಮೇರೆಗೆ,
ಶಿರಸ್ತೇದಾರರು, 1ನೇ ಅಪರ ಸಿವಿಲ್ ನ್ಯಾಯಾಧೀಶರು ಮತ್ತು ಜೆಎಂಎಫ್‌ಸಿ ನ್ಯಾಯಾಲಯ, ಕೋಲಾರ.
ಕೆ.ಆರ್. ಶ್ರೀನಿವಾಸಯ್ಯ, ಕೆ.ಎಸ್. ಸಾಯಿಕುಮಾರ್, ವಕೀಲರು, ಕೋಲಾರ.
ಸಂಪಾದಕ: ಸುಹಾಸ್ ಪ್ರಹ್ಲಾದರಾವ್, ಪ್ರಕಾಶಕ, ಮುದ್ರಕ: ಕೆ.ಎನ್. ಶ್ರೀವಾಣಿ ಪ್ರಹ್ಲಾದರಾವ್, ಸುಮನ ಆಫ್‌ಸೆಟ್, 2ನೇ ರಸ್ತೆ, ಗೌರಿಪೇಟೆ, ಕೋಲಾರ-563101 Ph: 08152-222325 e-mail: kolarapatrike@gmail.com
